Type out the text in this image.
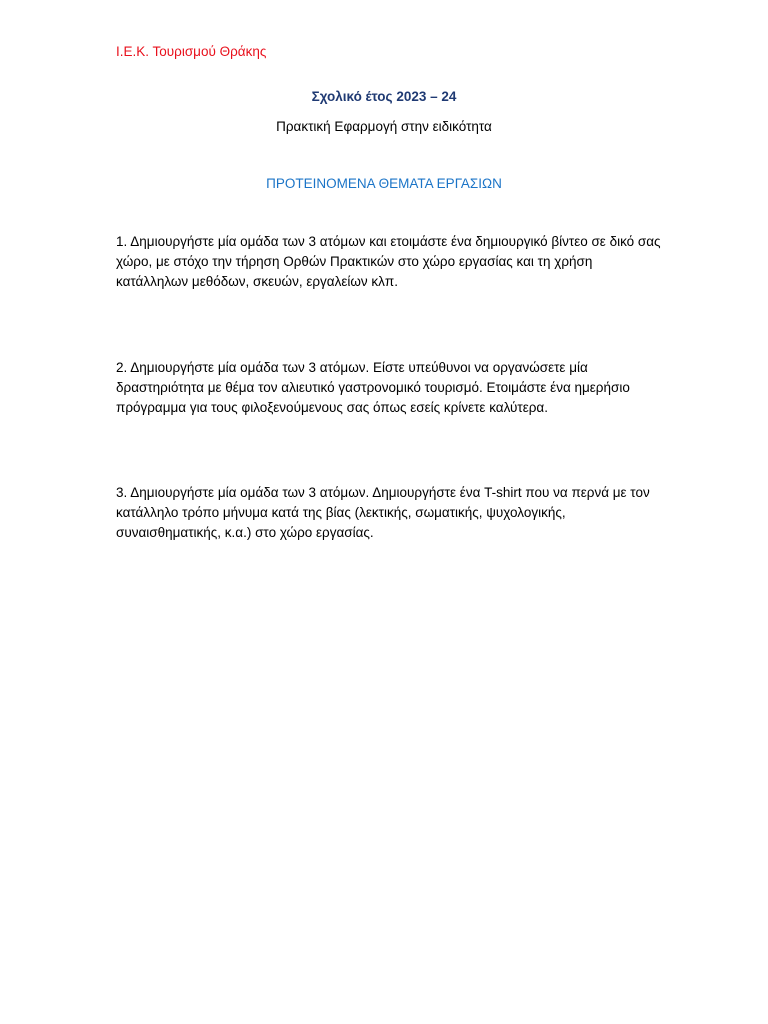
Ι.Ε.Κ. Τουρισμού Θράκης
Σχολικό έτος 2023 – 24
Πρακτική Εφαρμογή στην ειδικότητα
ΠΡΟΤΕΙΝΟΜΕΝΑ ΘΕΜΑΤΑ ΕΡΓΑΣΙΩΝ
1. Δημιουργήστε μία ομάδα των 3 ατόμων και ετοιμάστε ένα δημιουργικό βίντεο σε δικό σας χώρο, με στόχο την τήρηση Ορθών Πρακτικών στο χώρο εργασίας και τη χρήση κατάλληλων μεθόδων, σκευών, εργαλείων κλπ.
2. Δημιουργήστε μία ομάδα των 3 ατόμων. Είστε υπεύθυνοι να οργανώσετε μία δραστηριότητα με θέμα τον αλιευτικό γαστρονομικό τουρισμό. Ετοιμάστε ένα ημερήσιο πρόγραμμα για τους φιλοξενούμενους σας όπως εσείς κρίνετε καλύτερα.
3. Δημιουργήστε μία ομάδα των 3 ατόμων. Δημιουργήστε ένα T-shirt που να περνά με τον κατάλληλο τρόπο μήνυμα κατά της βίας (λεκτικής, σωματικής, ψυχολογικής, συναισθηματικής, κ.α.) στο χώρο εργασίας.
